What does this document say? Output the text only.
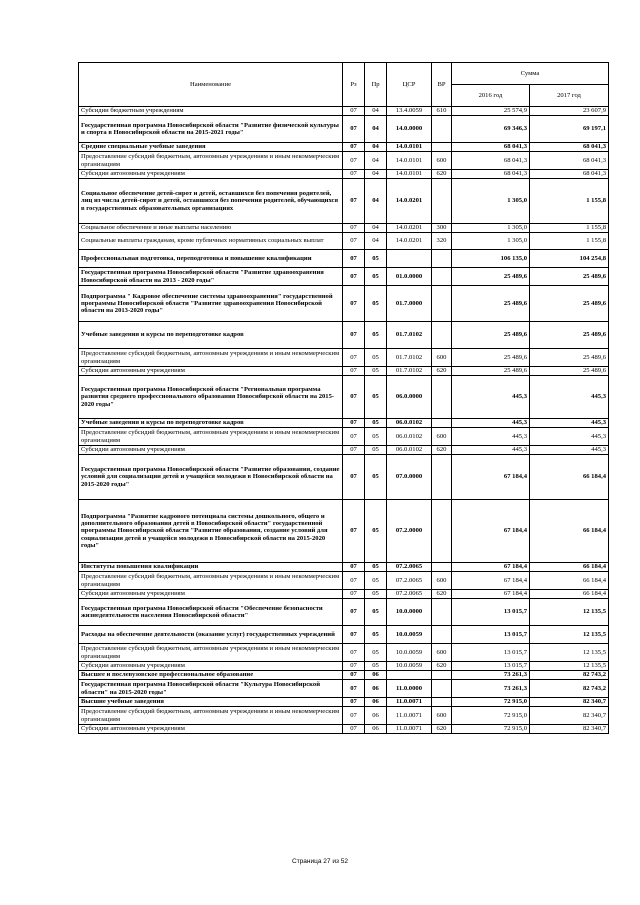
Наименование	Рз	Пр	ЦСР	ВР	Сумма	
					2016 год	2017 год
Субсидии бюджетным учреждениям	07	04	13.4.0059	610	25 574,9	23 607,9
Государственная программа Новосибирской области "Развитие физической культуры и спорта в Новосибирской области на 2015-2021 годы"	07	04	14.0.0000		69 346,3	69 197,1
Средние специальные учебные заведения	07	04	14.0.0101		68 041,3	68 041,3
Предоставление субсидий бюджетным, автономным учреждениям и иным некоммерческим организациям	07	04	14.0.0101	600	68 041,3	68 041,3
Субсидии автономным учреждениям	07	04	14.0.0101	620	68 041,3	68 041,3
Социальное обеспечение детей-сирот и детей, оставшихся без попечения родителей, лиц из числа детей-сирот и детей, оставшихся без попечения родителей, обучающихся в государственных образовательных организациях	07	04	14.0.0201		1 305,0	1 155,8
Социальное обеспечение и иные выплаты населению	07	04	14.0.0201	300	1 305,0	1 155,8
Социальные выплаты гражданам, кроме публичных нормативных социальных выплат	07	04	14.0.0201	320	1 305,0	1 155,8
Профессиональная подготовка, переподготовка и повышение квалификации	07	05			106 135,0	104 254,8
Государственная программа Новосибирской области "Развитие здравоохранения Новосибирской области на 2013 - 2020 годы"	07	05	01.0.0000		25 489,6	25 489,6
Подпрограмма " Кадровое обеспечение системы здравоохранения" государственной программы Новосибирской области "Развитие здравоохранения Новосибирской области на 2013-2020 годы"	07	05	01.7.0000		25 489,6	25 489,6
Учебные заведения и курсы по переподготовке кадров	07	05	01.7.0102		25 489,6	25 489,6
Предоставление субсидий бюджетным, автономным учреждениям и иным некоммерческим организациям	07	05	01.7.0102	600	25 489,6	25 489,6
Субсидии автономным учреждениям	07	05	01.7.0102	620	25 489,6	25 489,6
Государственная программа Новосибирской области "Региональная программа развития среднего профессионального образования Новосибирской области на 2015-2020 годы"	07	05	06.0.0000		445,3	445,3
Учебные заведения и курсы по переподготовке кадров	07	05	06.0.0102		445,3	445,3
Предоставление субсидий бюджетным, автономным учреждениям и иным некоммерческим организациям	07	05	06.0.0102	600	445,3	445,3
Субсидии автономным учреждениям	07	05	06.0.0102	620	445,3	445,3
Государственная программа Новосибирской области "Развитие образования, создание условий для социализации детей и учащейся молодежи в Новосибирской области на 2015-2020 годы"	07	05	07.0.0000		67 184,4	66 184,4
Подпрограмма "Развитие кадрового потенциала системы дошкольного, общего и дополнительного образования детей в Новосибирской области" государственной программы Новосибирской области "Развитие образования, создание условий для социализации детей и учащейся молодежи в Новосибирской области на 2015-2020 годы"	07	05	07.2.0000		67 184,4	66 184,4
Институты повышения квалификации	07	05	07.2.0065		67 184,4	66 184,4
Предоставление субсидий бюджетным, автономным учреждениям и иным некоммерческим организациям	07	05	07.2.0065	600	67 184,4	66 184,4
Субсидии автономным учреждениям	07	05	07.2.0065	620	67 184,4	66 184,4
Государственная программа Новосибирской области "Обеспечение безопасности жизнедеятельности населения Новосибирской области"	07	05	10.0.0000		13 015,7	12 135,5
Расходы на обеспечение деятельности (оказание услуг) государственных учреждений	07	05	10.0.0059		13 015,7	12 135,5
Предоставление субсидий бюджетным, автономным учреждениям и иным некоммерческим организациям	07	05	10.0.0059	600	13 015,7	12 135,5
Субсидии автономным учреждениям	07	05	10.0.0059	620	13 015,7	12 135,5
Высшее и послевузовское профессиональное образование	07	06			73 261,3	82 743,2
Государственная программа Новосибирской области "Культура Новосибирской области" на 2015-2020 годы"	07	06	11.0.0000		73 261,3	82 743,2
Высшие учебные заведения	07	06	11.0.0071		72 915,0	82 340,7
Предоставление субсидий бюджетным, автономным учреждениям и иным некоммерческим организациям	07	06	11.0.0071	600	72 915,0	82 340,7
Субсидии автономным учреждениям	07	06	11.0.0071	620	72 915,0	82 340,7
Страница 27 из 52
